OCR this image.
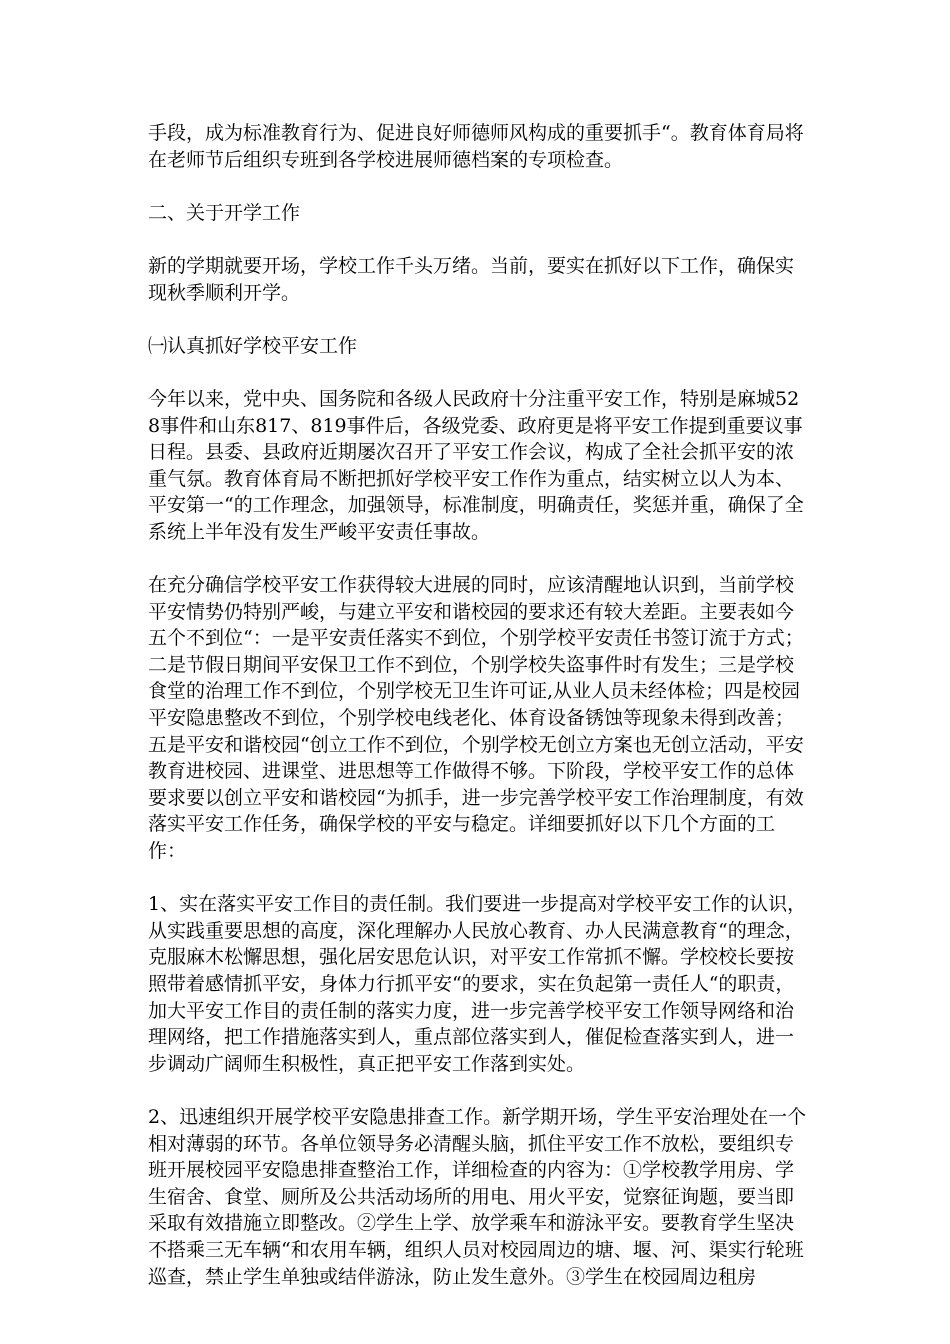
手段，成为标准教育行为、促进良好师德师风构成的重要抓手“。教育体育局将在老师节后组织专班到各学校进展师德档案的专项检查。

二、关于开学工作

新的学期就要开场，学校工作千头万绪。当前，要实在抓好以下工作，确保实现秋季顺利开学。

㈠认真抓好学校平安工作

今年以来，党中央、国务院和各级人民政府十分注重平安工作，特别是麻城528事件和山东817、819事件后，各级党委、政府更是将平安工作提到重要议事日程。县委、县政府近期屡次召开了平安工作会议，构成了全社会抓平安的浓重气氛。教育体育局不断把抓好学校平安工作作为重点，结实树立以人为本、平安第一“的工作理念，加强领导，标准制度，明确责任，奖惩并重，确保了全系统上半年没有发生严峻平安责任事故。

在充分确信学校平安工作获得较大进展的同时，应该清醒地认识到，当前学校平安情势仍特别严峻，与建立平安和谐校园的要求还有较大差距。主要表如今五个不到位“：一是平安责任落实不到位，个别学校平安责任书签订流于方式；二是节假日期间平安保卫工作不到位，个别学校失盗事件时有发生；三是学校食堂的治理工作不到位，个别学校无卫生许可证,从业人员未经体检；四是校园平安隐患整改不到位，个别学校电线老化、体育设备锈蚀等现象未得到改善；五是平安和谐校园“创立工作不到位，个别学校无创立方案也无创立活动，平安教育进校园、进课堂、进思想等工作做得不够。下阶段，学校平安工作的总体要求要以创立平安和谐校园“为抓手，进一步完善学校平安工作治理制度，有效落实平安工作任务，确保学校的平安与稳定。详细要抓好以下几个方面的工作：

1、实在落实平安工作目的责任制。我们要进一步提高对学校平安工作的认识，从实践重要思想的高度，深化理解办人民放心教育、办人民满意教育“的理念，克服麻木松懈思想，强化居安思危认识，对平安工作常抓不懈。学校校长要按照带着感情抓平安，身体力行抓平安“的要求，实在负起第一责任人“的职责，加大平安工作目的责任制的落实力度，进一步完善学校平安工作领导网络和治理网络，把工作措施落实到人，重点部位落实到人，催促检查落实到人，进一步调动广阔师生积极性，真正把平安工作落到实处。

2、迅速组织开展学校平安隐患排查工作。新学期开场，学生平安治理处在一个相对薄弱的环节。各单位领导务必清醒头脑，抓住平安工作不放松，要组织专班开展校园平安隐患排查整治工作，详细检查的内容为：①学校教学用房、学生宿舍、食堂、厕所及公共活动场所的用电、用火平安，觉察征询题，要当即采取有效措施立即整改。②学生上学、放学乘车和游泳平安。要教育学生坚决不搭乘三无车辆“和农用车辆，组织人员对校园周边的塘、堰、河、渠实行轮班巡查，禁止学生单独或结伴游泳，防止发生意外。③学生在校园周边租房
